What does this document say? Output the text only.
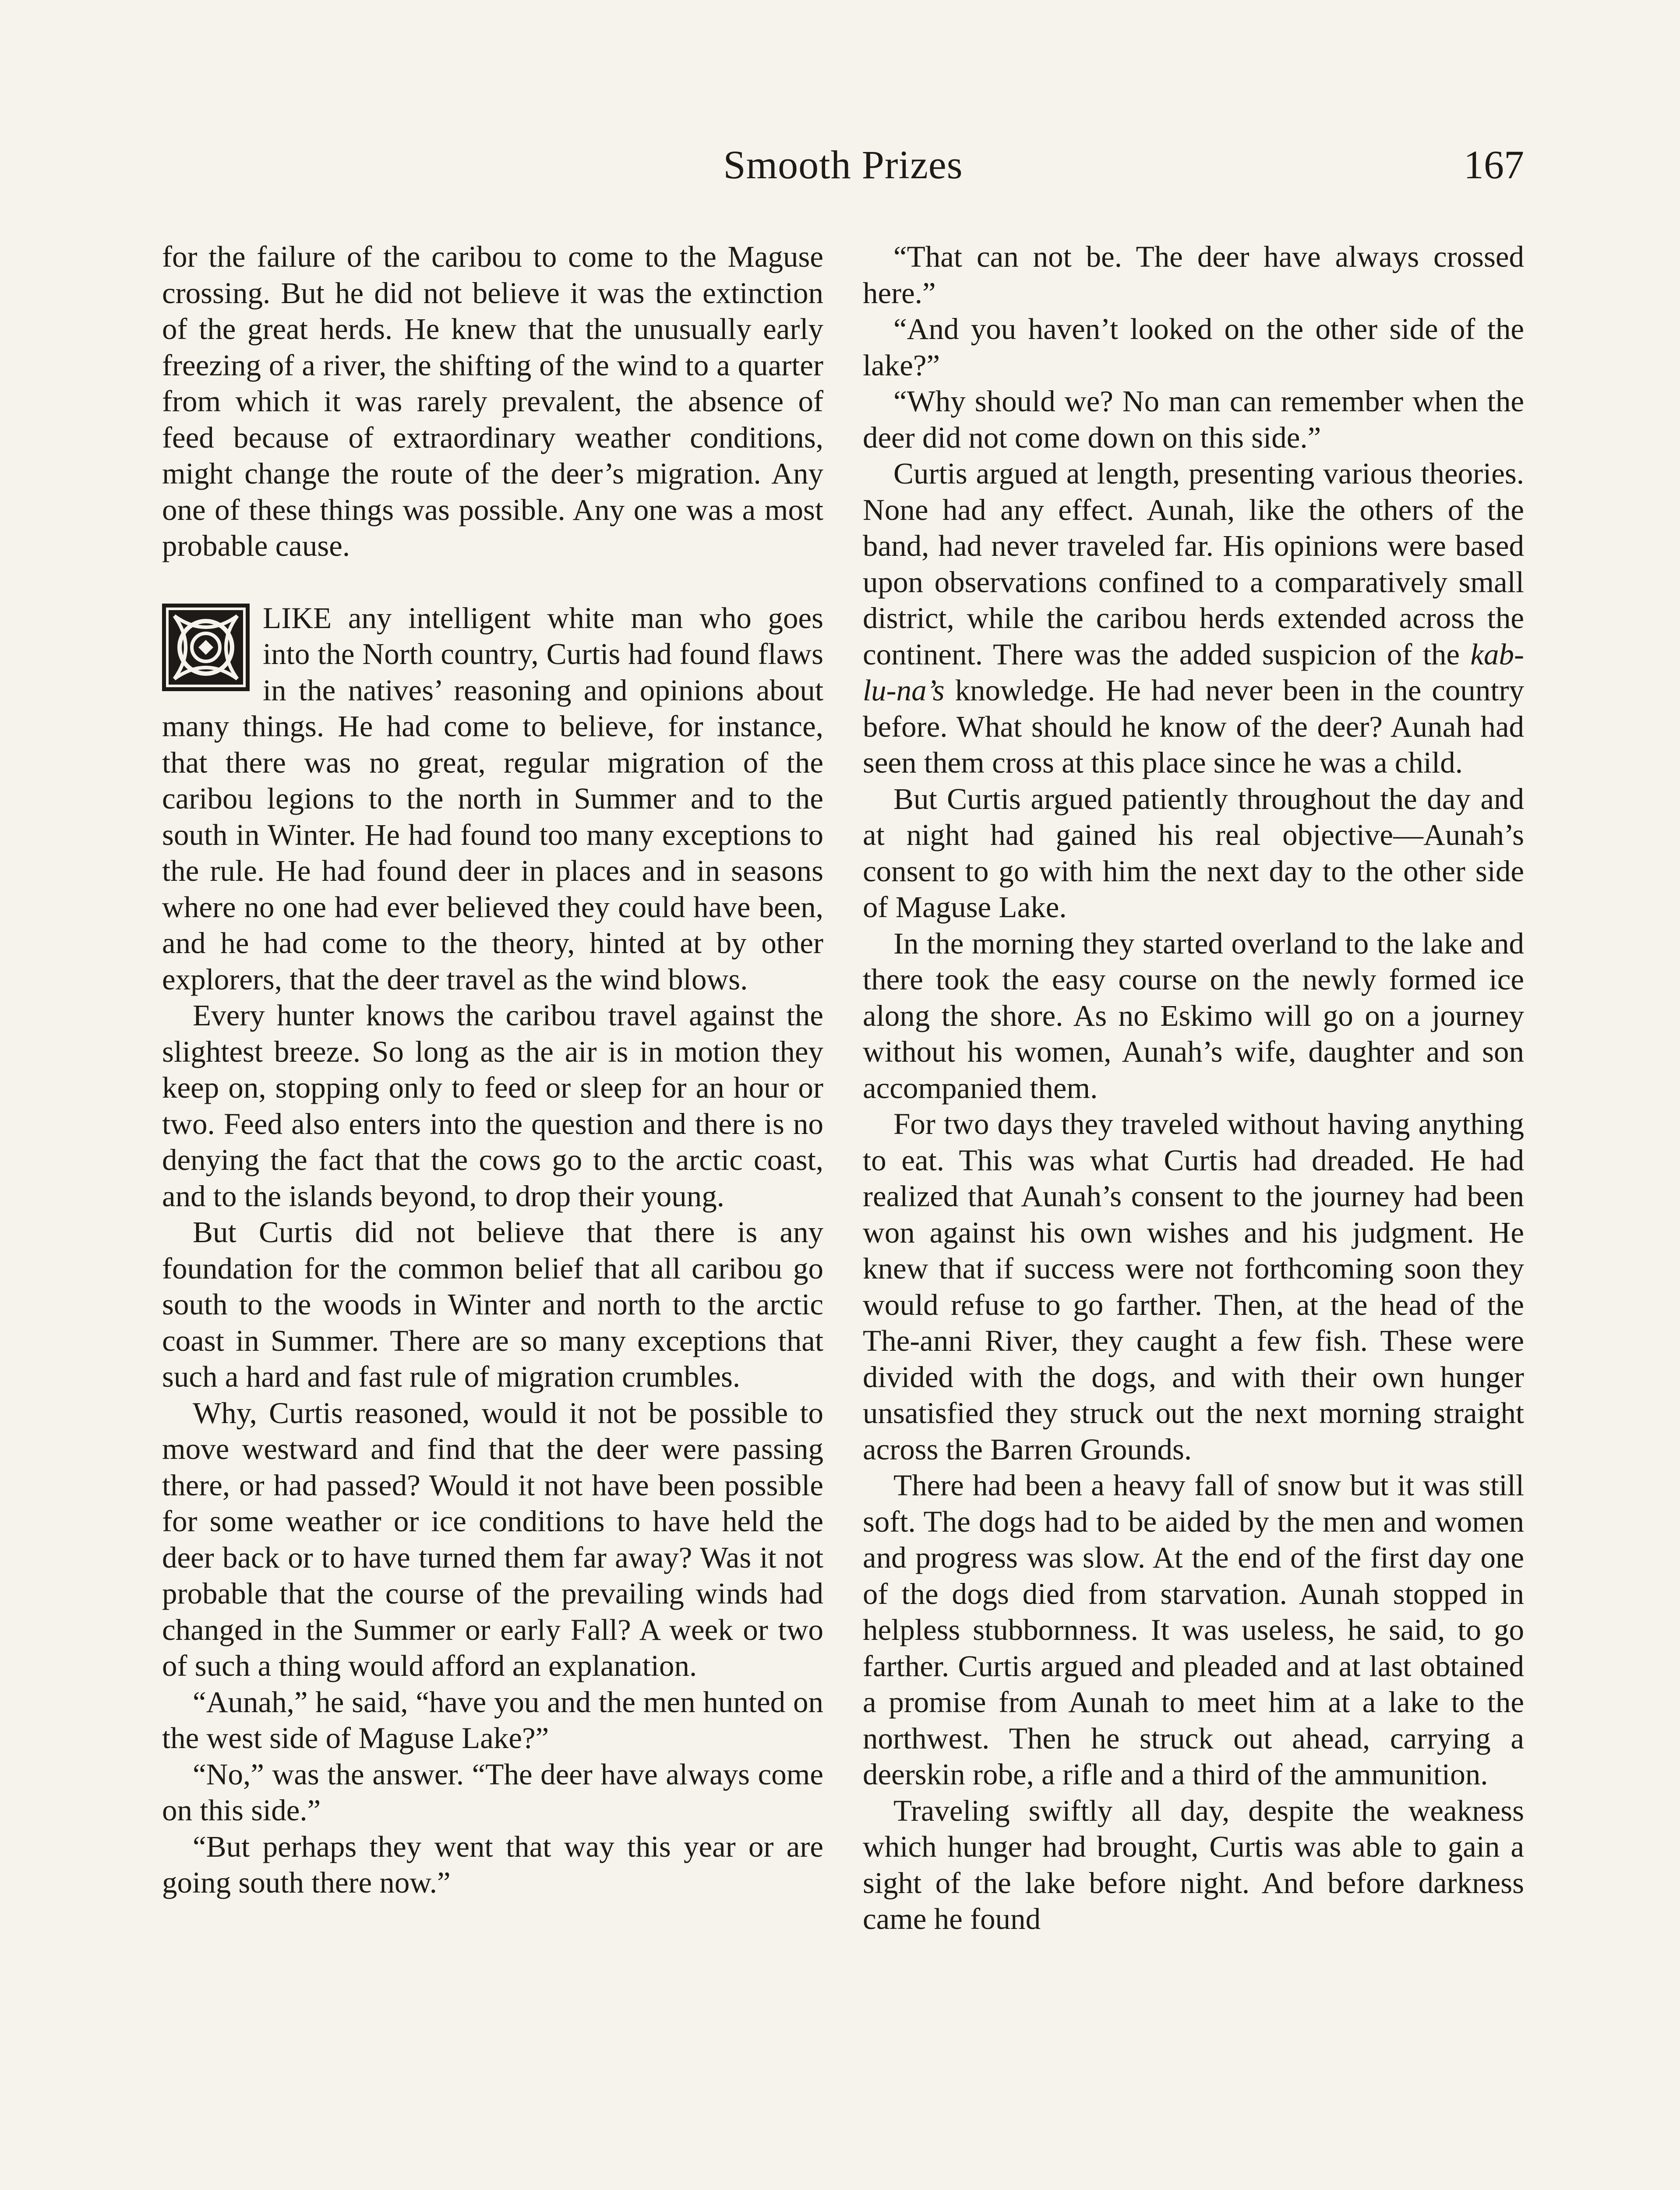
Smooth Prizes	167

for the failure of the caribou to come to the Maguse crossing. But he did not believe it was the extinction of the great herds. He knew that the unusually early freezing of a river, the shifting of the wind to a quarter from which it was rarely prevalent, the absence of feed because of extraordinary weather conditions, might change the route of the deer’s migration. Any one of these things was possible. Any one was a most probable cause.

LIKE any intelligent white man who goes into the North country, Curtis had found flaws in the natives’ reasoning and opinions about many things. He had come to believe, for instance, that there was no great, regular migration of the caribou legions to the north in Summer and to the south in Winter. He had found too many exceptions to the rule. He had found deer in places and in seasons where no one had ever believed they could have been, and he had come to the theory, hinted at by other explorers, that the deer travel as the wind blows.

Every hunter knows the caribou travel against the slightest breeze. So long as the air is in motion they keep on, stopping only to feed or sleep for an hour or two. Feed also enters into the question and there is no denying the fact that the cows go to the arctic coast, and to the islands beyond, to drop their young.

But Curtis did not believe that there is any foundation for the common belief that all caribou go south to the woods in Winter and north to the arctic coast in Summer. There are so many exceptions that such a hard and fast rule of migration crumbles.

Why, Curtis reasoned, would it not be possible to move westward and find that the deer were passing there, or had passed? Would it not have been possible for some weather or ice conditions to have held the deer back or to have turned them far away? Was it not probable that the course of the prevailing winds had changed in the Summer or early Fall? A week or two of such a thing would afford an explanation.

“Aunah,” he said, “have you and the men hunted on the west side of Maguse Lake?”

“No,” was the answer. “The deer have always come on this side.”

“But perhaps they went that way this year or are going south there now.”

“That can not be. The deer have always crossed here.”

“And you haven’t looked on the other side of the lake?”

“Why should we? No man can remember when the deer did not come down on this side.”

Curtis argued at length, presenting various theories. None had any effect. Aunah, like the others of the band, had never traveled far. His opinions were based upon observations confined to a comparatively small district, while the caribou herds extended across the continent. There was the added suspicion of the kab-lu-na’s knowledge. He had never been in the country before. What should he know of the deer? Aunah had seen them cross at this place since he was a child.

But Curtis argued patiently throughout the day and at night had gained his real objective—Aunah’s consent to go with him the next day to the other side of Maguse Lake.

In the morning they started overland to the lake and there took the easy course on the newly formed ice along the shore. As no Eskimo will go on a journey without his women, Aunah’s wife, daughter and son accompanied them.

For two days they traveled without having anything to eat. This was what Curtis had dreaded. He had realized that Aunah’s consent to the journey had been won against his own wishes and his judgment. He knew that if success were not forthcoming soon they would refuse to go farther. Then, at the head of the The-anni River, they caught a few fish. These were divided with the dogs, and with their own hunger unsatisfied they struck out the next morning straight across the Barren Grounds.

There had been a heavy fall of snow but it was still soft. The dogs had to be aided by the men and women and progress was slow. At the end of the first day one of the dogs died from starvation. Aunah stopped in helpless stubbornness. It was useless, he said, to go farther. Curtis argued and pleaded and at last obtained a promise from Aunah to meet him at a lake to the northwest. Then he struck out ahead, carrying a deerskin robe, a rifle and a third of the ammunition.

Traveling swiftly all day, despite the weakness which hunger had brought, Curtis was able to gain a sight of the lake before night. And before darkness came he found
